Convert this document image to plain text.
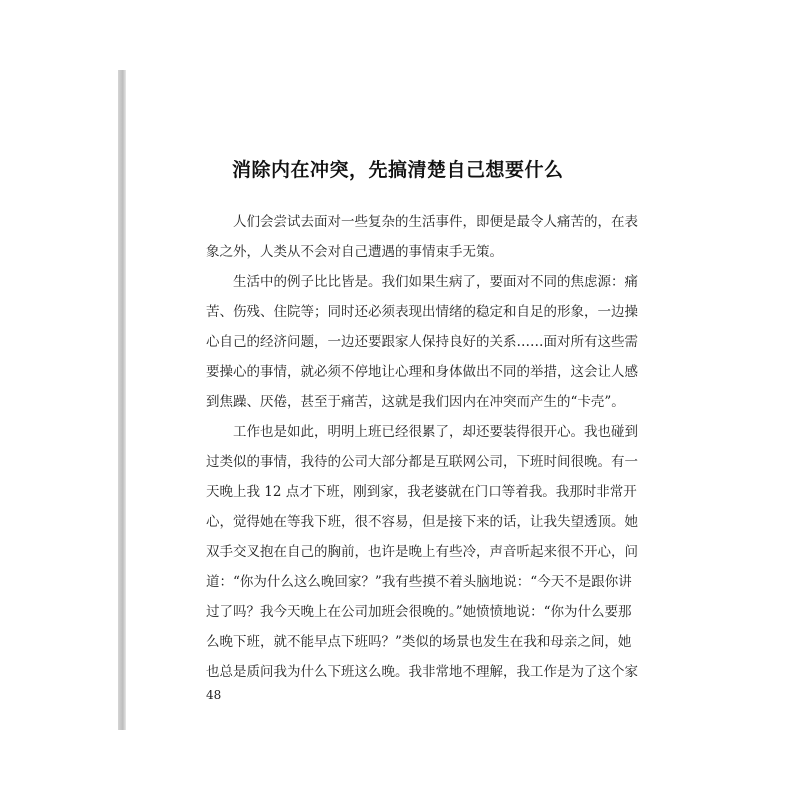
消除内在冲突，先搞清楚自己想要什么
人们会尝试去面对一些复杂的生活事件，即便是最令人痛苦的，在表
象之外，人类从不会对自己遭遇的事情束手无策。
生活中的例子比比皆是。我们如果生病了，要面对不同的焦虑源：痛
苦、伤残、住院等；同时还必须表现出情绪的稳定和自足的形象，一边操
心自己的经济问题，一边还要跟家人保持良好的关系……面对所有这些需
要操心的事情，就必须不停地让心理和身体做出不同的举措，这会让人感
到焦躁、厌倦，甚至于痛苦，这就是我们因内在冲突而产生的“卡壳”。
工作也是如此，明明上班已经很累了，却还要装得很开心。我也碰到
过类似的事情，我待的公司大部分都是互联网公司，下班时间很晚。有一
天晚上我 12 点才下班，刚到家，我老婆就在门口等着我。我那时非常开
心，觉得她在等我下班，很不容易，但是接下来的话，让我失望透顶。她
双手交叉抱在自己的胸前，也许是晚上有些冷，声音听起来很不开心，问
道：“你为什么这么晚回家？”我有些摸不着头脑地说：“今天不是跟你讲
过了吗？我今天晚上在公司加班会很晚的。”她愤愤地说：“你为什么要那
么晚下班，就不能早点下班吗？”类似的场景也发生在我和母亲之间，她
也总是质问我为什么下班这么晚。我非常地不理解，我工作是为了这个家
48
